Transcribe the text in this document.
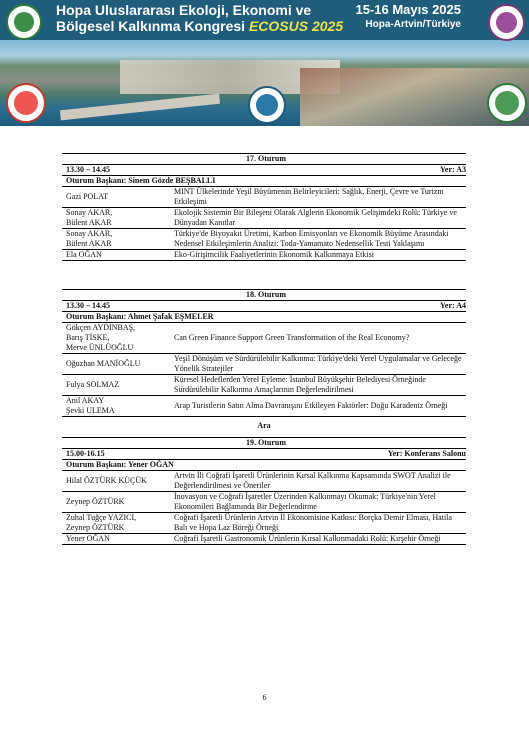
Hopa Uluslararası Ekoloji, Ekonomi ve
Bölgesel Kalkınma Kongresi ECOSUS 2025
15-16 Mayıs 2025
Hopa-Artvin/Türkiye
17. Oturum	
13.30 – 14.45	Yer: A3
Oturum Başkanı: Sinem Gözde BEŞBALLI	
Gazi POLAT	MINT Ülkelerinde Yeşil Büyümenin Belirleyicileri: Sağlık, Enerji, Çevre ve Turizm Etkileşimi
Sonay AKAR,
Bülent AKAR	Ekolojik Sistemin Bir Bileşeni Olarak Alglerin Ekonomik Gelişimdeki Rolü: Türkiye ve Dünyadan Kanıtlar
Sonay AKAR,
Bülent AKAR	Türkiye'de Biyoyakıt Üretimi, Karbon Emisyonları ve Ekonomik Büyüme Arasındaki Nedensel Etkileşimlerin Analizi: Toda-Yamamato Nedensellik Testi Yaklaşımı
Ela OĞAN	Eko-Girişimcilik Faaliyetlerinin Ekonomik Kalkınmaya Etkisi
18. Oturum	
13.30 – 14.45	Yer: A4
Oturum Başkanı: Ahmet Şafak EŞMELER	
Gökçen AYDINBAŞ,
Barış TİSKE,
Merve ÜNLÜOĞLU	Can Green Finance Support Green Transformation of the Real Economy?
Oğuzhan MANİOĞLU	Yeşil Dönüşüm ve Sürdürülebilir Kalkınma: Türkiye'deki Yerel Uygulamalar ve Geleceğe Yönelik Stratejiler
Fulya SOLMAZ	Küresel Hedeflerden Yerel Eyleme: İstanbul Büyükşehir Belediyesi Örneğinde Sürdürülebilir Kalkınma Amaçlarının Değerlendirilmesi
Anıl AKAY
Şevki ULEMA	Arap Turistlerin Satın Alma Davranışını Etkileyen Faktörler: Doğu Karadeniz Örneği
19. Oturum	
15.00-16.15	Yer: Konferans Salonu
Oturum Başkanı: Yener OĞAN	
Hilal ÖZTÜRK KÜÇÜK	Artvin İli Coğrafi İşaretli Ürünlerinin Kırsal Kalkınma Kapsamında SWOT Analizi ile Değerlendirilmesi ve Öneriler
Zeynep ÖZTÜRK	İnovasyon ve Coğrafi İşaretler Üzerinden Kalkınmayı Okumak: Türkiye'nin Yerel Ekonomileri Bağlamında Bir Değerlendirme
Zuhal Tuğçe YAZICI,
Zeynep ÖZTÜRK	Coğrafi İşaretli Ürünlerin Artvin İl Ekonomisine Katkısı: Borçka Demir Elması, Hatila Balı ve Hopa Laz Böreği Örneği
Yener OĞAN	Coğrafi İşaretli Gastronomik Ürünlerin Kırsal Kalkınmadaki Rolü: Kırşehir Örneği
Ara
6
